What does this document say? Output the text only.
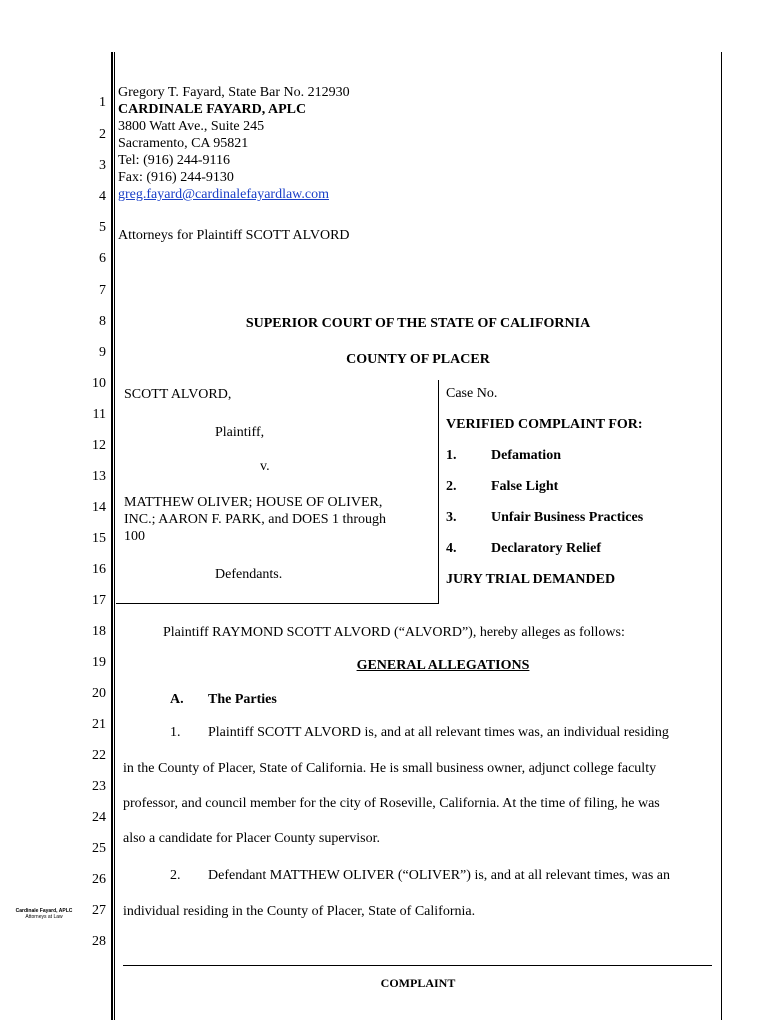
1
2
3
4
5
6
7
8
9
10
11
12
13
14
15
16
17
18
19
20
21
22
23
24
25
26
27
28
Cardinale Fayard, APLC
Attorneys at Law
Gregory T. Fayard, State Bar No. 212930
CARDINALE FAYARD, APLC
3800 Watt Ave., Suite 245
Sacramento, CA 95821
Tel: (916) 244-9116
Fax: (916) 244-9130
greg.fayard@cardinalefayardlaw.com
Attorneys for Plaintiff SCOTT ALVORD
SUPERIOR COURT OF THE STATE OF CALIFORNIA
COUNTY OF PLACER
SCOTT ALVORD,
Plaintiff,
v.
MATTHEW OLIVER; HOUSE OF OLIVER,
INC.; AARON F. PARK, and DOES 1 through
100
Defendants.
Case No.
VERIFIED COMPLAINT FOR:
1. Defamation
2. False Light
3. Unfair Business Practices
4. Declaratory Relief
JURY TRIAL DEMANDED
Plaintiff RAYMOND SCOTT ALVORD (“ALVORD”), hereby alleges as follows:
GENERAL ALLEGATIONS
A. The Parties
1. Plaintiff SCOTT ALVORD is, and at all relevant times was, an individual residing
in the County of Placer, State of California. He is small business owner, adjunct college faculty
professor, and council member for the city of Roseville, California. At the time of filing, he was
also a candidate for Placer County supervisor.
2. Defendant MATTHEW OLIVER (“OLIVER”) is, and at all relevant times, was an
individual residing in the County of Placer, State of California.
COMPLAINT
